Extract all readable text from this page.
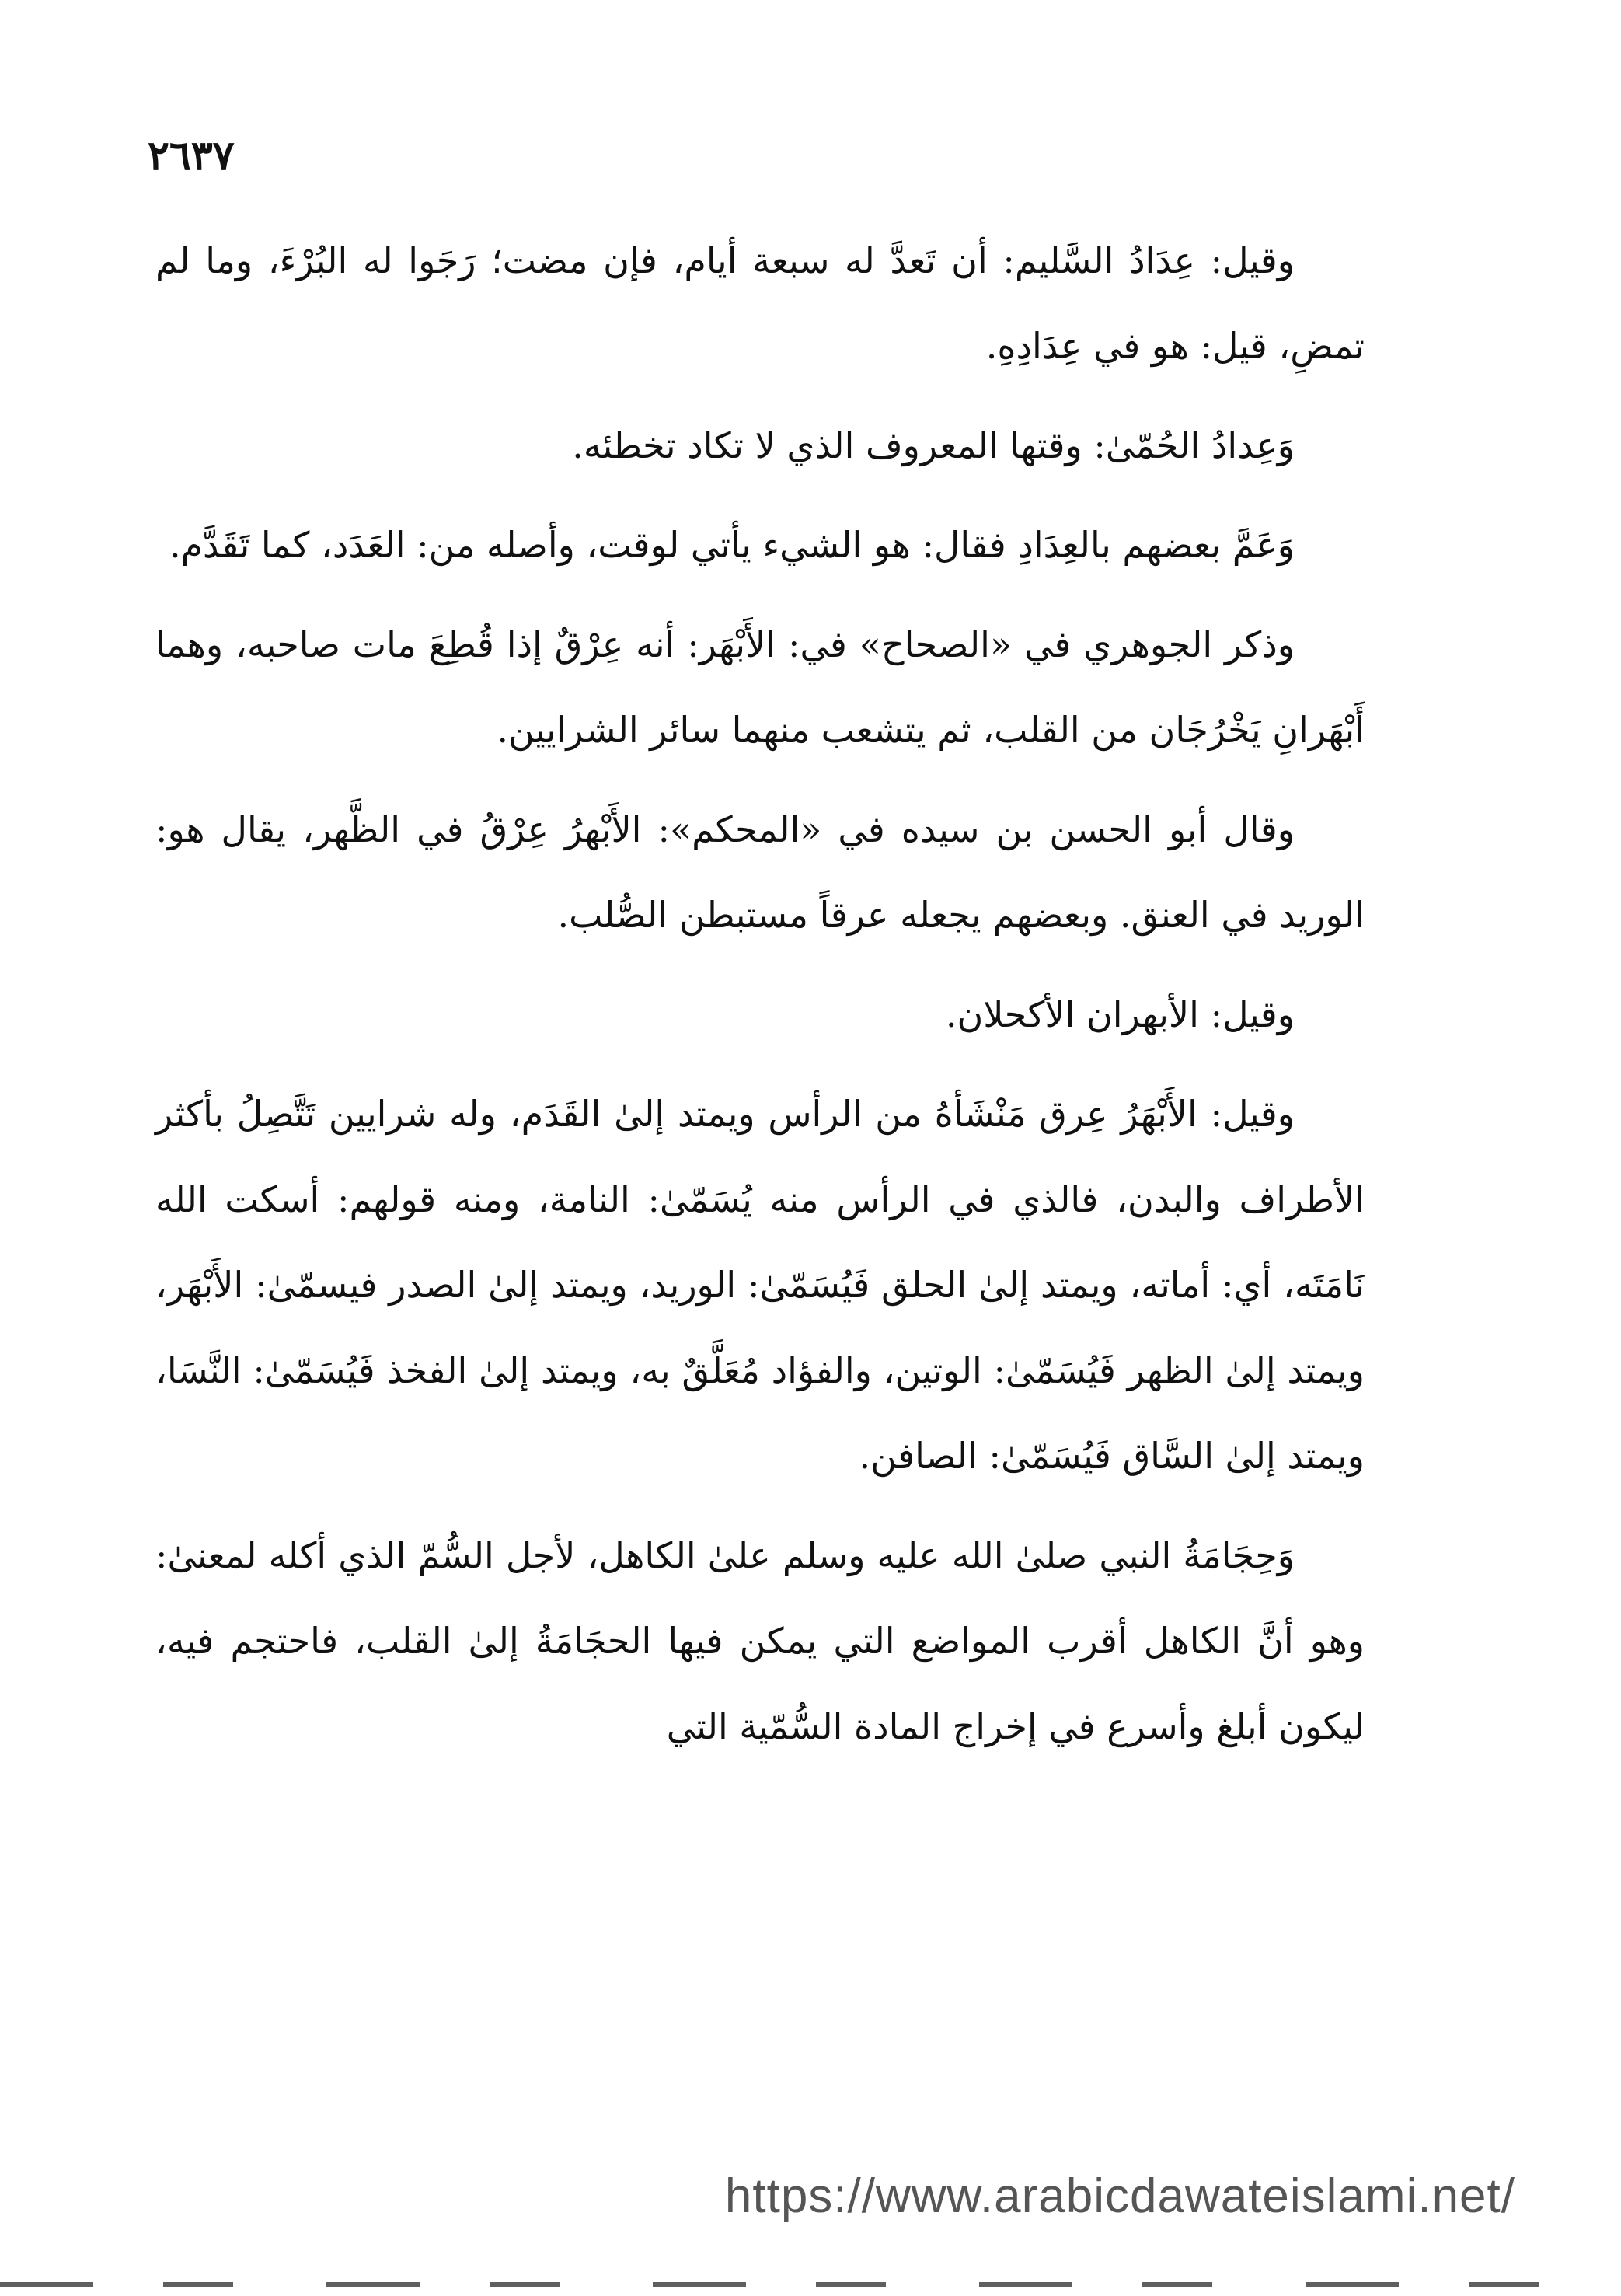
٢٦٣٧

وقيل: عِدَادُ السَّليم: أن تَعدَّ له سبعة أيام، فإن مضت؛ رَجَوا له البُرْءَ، وما لم تمضِ، قيل: هو في عِدَادِهِ.

وَعِدادُ الحُمّىٰ: وقتها المعروف الذي لا تكاد تخطئه.

وَعَمَّ بعضهم بالعِدَادِ فقال: هو الشيء يأتي لوقت، وأصله من: العَدَد، كما تَقَدَّم.

وذكر الجوهري في «الصحاح» في: الأَبْهَر: أنه عِرْقٌ إذا قُطِعَ مات صاحبه، وهما أَبْهَرانِ يَخْرُجَان من القلب، ثم يتشعب منهما سائر الشرايين.

وقال أبو الحسن بن سيده في «المحكم»: الأَبْهرُ عِرْقُ في الظَّهر، يقال هو: الوريد في العنق. وبعضهم يجعله عرقاً مستبطن الصُّلب.

وقيل: الأبهران الأكحلان.

وقيل: الأَبْهَرُ عِرق مَنْشَأهُ من الرأس ويمتد إلىٰ القَدَم، وله شرايين تَتَّصِلُ بأكثر الأطراف والبدن، فالذي في الرأس منه يُسَمّىٰ: النامة، ومنه قولهم: أسكت الله نَامَتَه، أي: أماته، ويمتد إلىٰ الحلق فَيُسَمّىٰ: الوريد، ويمتد إلىٰ الصدر فيسمّىٰ: الأَبْهَر، ويمتد إلىٰ الظهر فَيُسَمّىٰ: الوتين، والفؤاد مُعَلَّقٌ به، ويمتد إلىٰ الفخذ فَيُسَمّىٰ: النَّسَا، ويمتد إلىٰ السَّاق فَيُسَمّىٰ: الصافن.

وَحِجَامَةُ النبي صلىٰ الله عليه وسلم علىٰ الكاهل، لأجل السُّمّ الذي أكله لمعنىٰ: وهو أنَّ الكاهل أقرب المواضع التي يمكن فيها الحجَامَةُ إلىٰ القلب، فاحتجم فيه، ليكون أبلغ وأسرع في إخراج المادة السُّمّية التي

https://www.arabicdawateislami.net/
